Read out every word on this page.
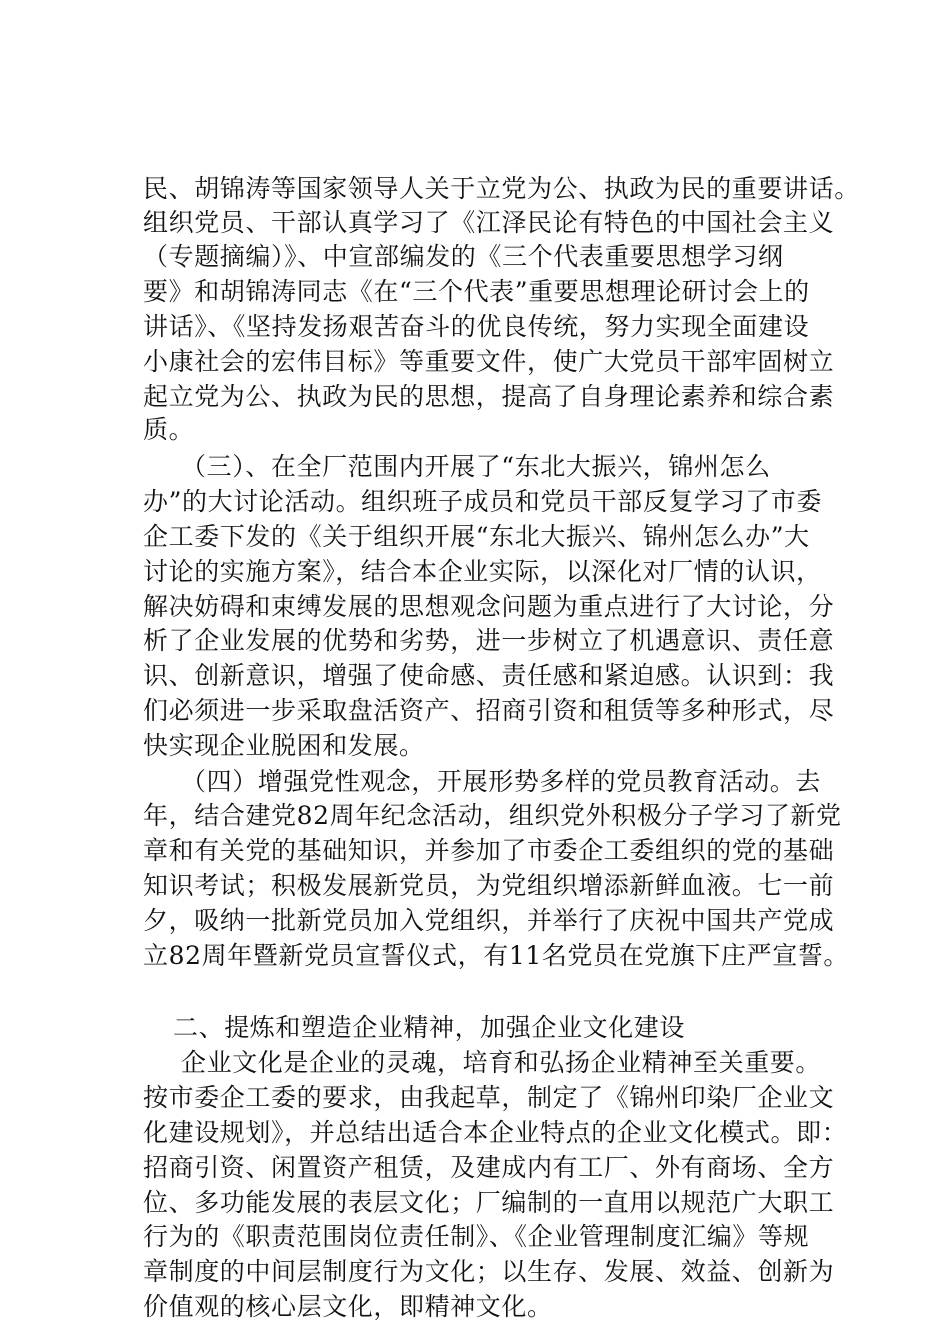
民、胡锦涛等国家领导人关于立党为公、执政为民的重要讲话。
组织党员、干部认真学习了《江泽民论有特色的中国社会主义
（专题摘编）》、中宣部编发的《三个代表重要思想学习纲
要》和胡锦涛同志《在“三个代表”重要思想理论研讨会上的
讲话》、《坚持发扬艰苦奋斗的优良传统，努力实现全面建设
小康社会的宏伟目标》等重要文件，使广大党员干部牢固树立
起立党为公、执政为民的思想，提高了自身理论素养和综合素
质。
（三）、在全厂范围内开展了“东北大振兴，锦州怎么
办”的大讨论活动。组织班子成员和党员干部反复学习了市委
企工委下发的《关于组织开展“东北大振兴、锦州怎么办”大
讨论的实施方案》，结合本企业实际，以深化对厂情的认识，
解决妨碍和束缚发展的思想观念问题为重点进行了大讨论，分
析了企业发展的优势和劣势，进一步树立了机遇意识、责任意
识、创新意识，增强了使命感、责任感和紧迫感。认识到：我
们必须进一步采取盘活资产、招商引资和租赁等多种形式，尽
快实现企业脱困和发展。
（四）增强党性观念，开展形势多样的党员教育活动。去
年，结合建党82周年纪念活动，组织党外积极分子学习了新党
章和有关党的基础知识，并参加了市委企工委组织的党的基础
知识考试；积极发展新党员，为党组织增添新鲜血液。七一前
夕，吸纳一批新党员加入党组织，并举行了庆祝中国共产党成
立82周年暨新党员宣誓仪式，有11名党员在党旗下庄严宣誓。
二、提炼和塑造企业精神，加强企业文化建设
企业文化是企业的灵魂，培育和弘扬企业精神至关重要。
按市委企工委的要求，由我起草，制定了《锦州印染厂企业文
化建设规划》，并总结出适合本企业特点的企业文化模式。即：
招商引资、闲置资产租赁，及建成内有工厂、外有商场、全方
位、多功能发展的表层文化；厂编制的一直用以规范广大职工
行为的《职责范围岗位责任制》、《企业管理制度汇编》等规
章制度的中间层制度行为文化；以生存、发展、效益、创新为
价值观的核心层文化，即精神文化。
